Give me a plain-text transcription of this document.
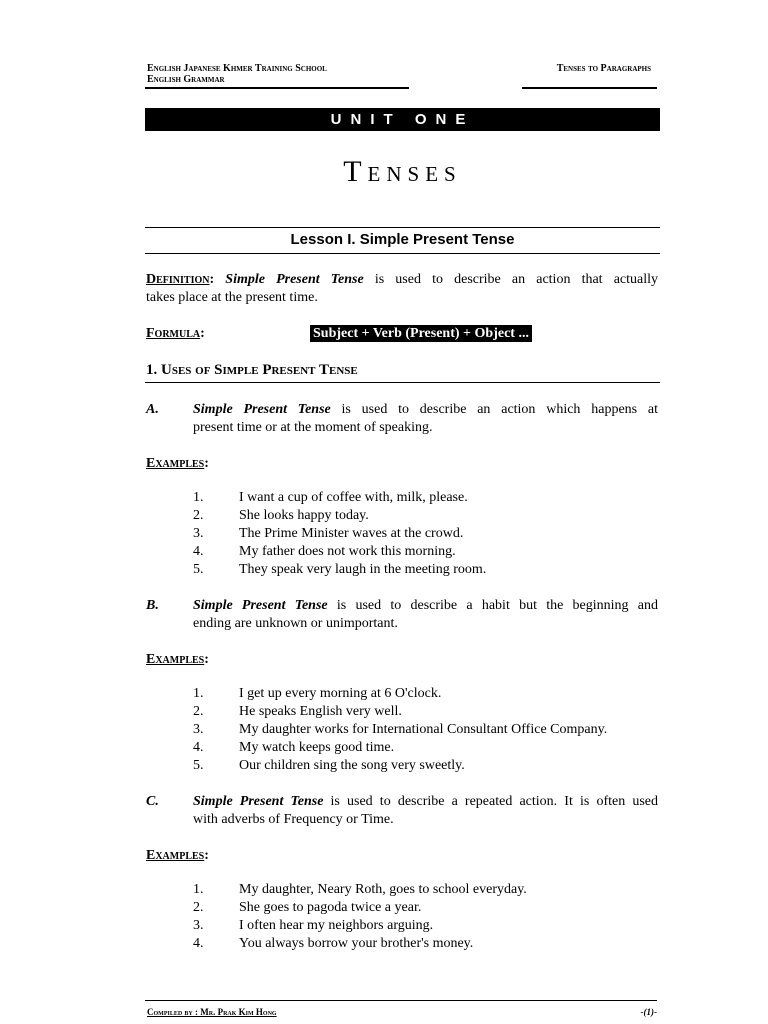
English Japanese Khmer Training School
English Grammar
Tenses to Paragraphs
UNIT ONE
Tenses
Lesson I. Simple Present Tense
Definition: Simple Present Tense is used to describe an action that actually
takes place at the present time.
Formula:	Subject + Verb (Present) + Object ...
1. Uses of Simple Present Tense
A. Simple Present Tense is used to describe an action which happens at
present time or at the moment of speaking.
Examples:
1.	I want a cup of coffee with, milk, please.
2.	She looks happy today.
3.	The Prime Minister waves at the crowd.
4.	My father does not work this morning.
5.	They speak very laugh in the meeting room.
B. Simple Present Tense is used to describe a habit but the beginning and
ending are unknown or unimportant.
Examples:
1.	I get up every morning at 6 O'clock.
2.	He speaks English very well.
3.	My daughter works for International Consultant Office Company.
4.	My watch keeps good time.
5.	Our children sing the song very sweetly.
C. Simple Present Tense is used to describe a repeated action. It is often used
with adverbs of Frequency or Time.
Examples:
1.	My daughter, Neary Roth, goes to school everyday.
2.	She goes to pagoda twice a year.
3.	I often hear my neighbors arguing.
4.	You always borrow your brother's money.
Compiled by : Mr. Prak Kim Hong	-(1)-
